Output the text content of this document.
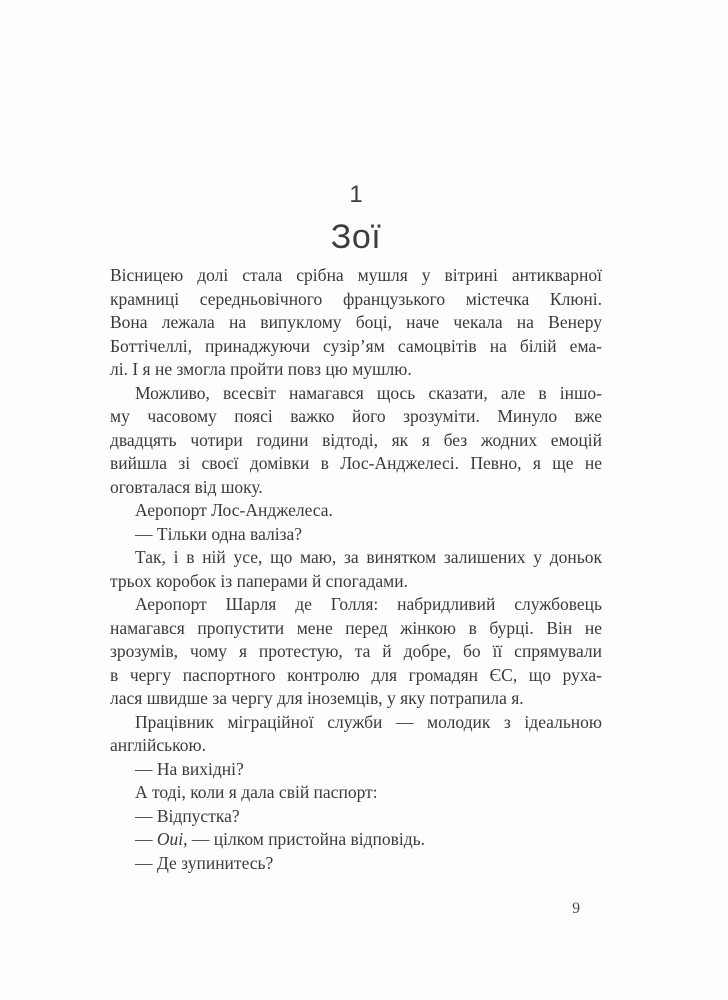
1
Зої
Вісницею долі стала срібна мушля у вітрині антикварної
крамниці середньовічного французького містечка Клюні.
Вона лежала на випуклому боці, наче чекала на Венеру
Боттічеллі, принаджуючи сузір’ям самоцвітів на білій ема-
лі. І я не змогла пройти повз цю мушлю.
Можливо, всесвіт намагався щось сказати, але в іншо-
му часовому поясі важко його зрозуміти. Минуло вже
двадцять чотири години відтоді, як я без жодних емоцій
вийшла зі своєї домівки в Лос-Анджелесі. Певно, я ще не
оговталася від шоку.
Аеропорт Лос-Анджелеса.
— Тільки одна валіза?
Так, і в ній усе, що маю, за винятком залишених у доньок
трьох коробок із паперами й спогадами.
Аеропорт Шарля де Голля: набридливий службовець
намагався пропустити мене перед жінкою в бурці. Він не
зрозумів, чому я протестую, та й добре, бо її спрямували
в чергу паспортного контролю для громадян ЄС, що руха-
лася швидше за чергу для іноземців, у яку потрапила я.
Працівник міграційної служби — молодик з ідеальною
англійською.
— На вихідні?
А тоді, коли я дала свій паспорт:
— Відпустка?
— Oui, — цілком пристойна відповідь.
— Де зупинитесь?
9
